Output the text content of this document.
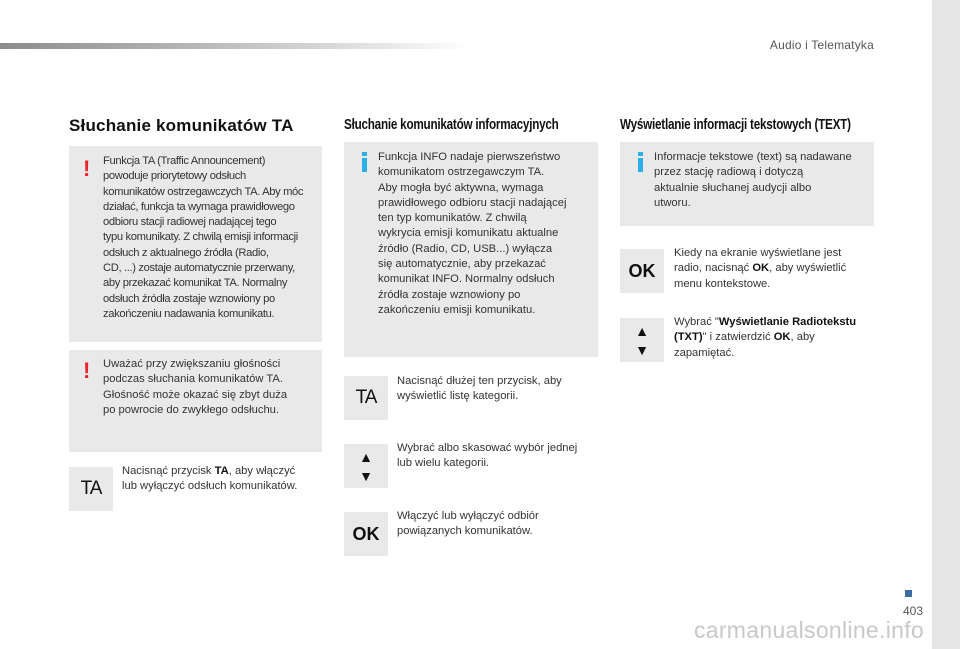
Audio i Telematyka
Słuchanie komunikatów TA
! Funkcja TA (Traffic Announcement)
powoduje priorytetowy odsłuch
komunikatów ostrzegawczych TA. Aby móc
działać, funkcja ta wymaga prawidłowego
odbioru stacji radiowej nadającej tego
typu komunikaty. Z chwilą emisji informacji
odsłuch z aktualnego źródła (Radio,
CD, ...) zostaje automatycznie przerwany,
aby przekazać komunikat TA. Normalny
odsłuch źródła zostaje wznowiony po
zakończeniu nadawania komunikatu.
! Uważać przy zwiększaniu głośności
podczas słuchania komunikatów TA.
Głośność może okazać się zbyt duża
po powrocie do zwykłego odsłuchu.
TA
Nacisnąć przycisk TA, aby włączyć
lub wyłączyć odsłuch komunikatów.
Słuchanie komunikatów informacyjnych
Funkcja INFO nadaje pierwszeństwo
komunikatom ostrzegawczym TA.
Aby mogła być aktywna, wymaga
prawidłowego odbioru stacji nadającej
ten typ komunikatów. Z chwilą
wykrycia emisji komunikatu aktualne
źródło (Radio, CD, USB...) wyłącza
się automatycznie, aby przekazać
komunikat INFO. Normalny odsłuch
źródła zostaje wznowiony po
zakończeniu emisji komunikatu.
TA
Nacisnąć dłużej ten przycisk, aby
wyświetlić listę kategorii.
▲
▼
Wybrać albo skasować wybór jednej
lub wielu kategorii.
OK
Włączyć lub wyłączyć odbiór
powiązanych komunikatów.
Wyświetlanie informacji tekstowych (TEXT)
Informacje tekstowe (text) są nadawane
przez stację radiową i dotyczą
aktualnie słuchanej audycji albo
utworu.
OK
Kiedy na ekranie wyświetlane jest
radio, nacisnąć OK, aby wyświetlić
menu kontekstowe.
▲
▼
Wybrać "Wyświetlanie Radiotekstu
(TXT)" i zatwierdzić OK, aby
zapamiętać.
403
carmanualsonline.info
